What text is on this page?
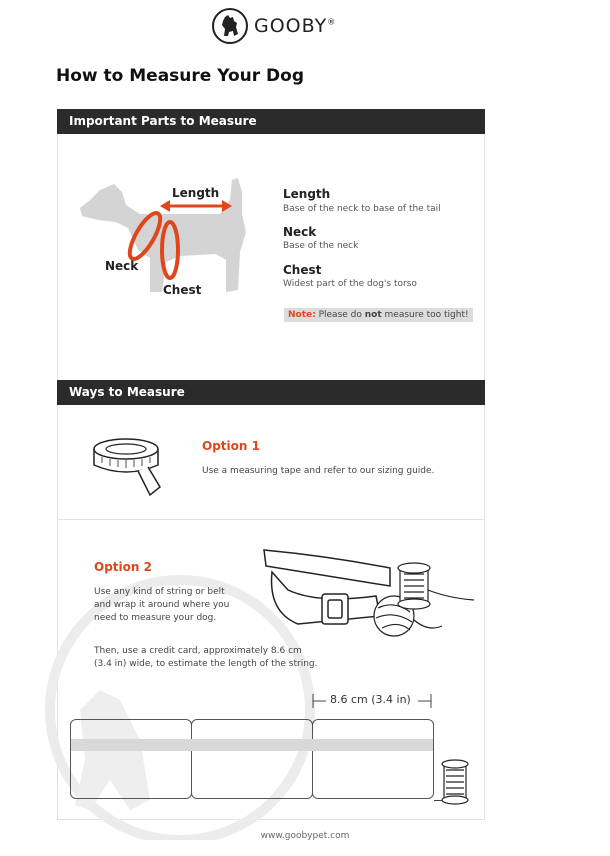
GOOBY®
How to Measure Your Dog
Important Parts to Measure
Length
Neck
Chest
Length
Base of the neck to base of the tail
Neck
Base of the neck
Chest
Widest part of the dog's torso
Note: Please do not measure too tight!
Ways to Measure
Option 1
Use a measuring tape and refer to our sizing guide.
Option 2
Use any kind of string or belt
and wrap it around where you
need to measure your dog.
Then, use a credit card, approximately 8.6 cm
(3.4 in) wide, to estimate the length of the string.
8.6 cm (3.4 in)
www.goobypet.com
